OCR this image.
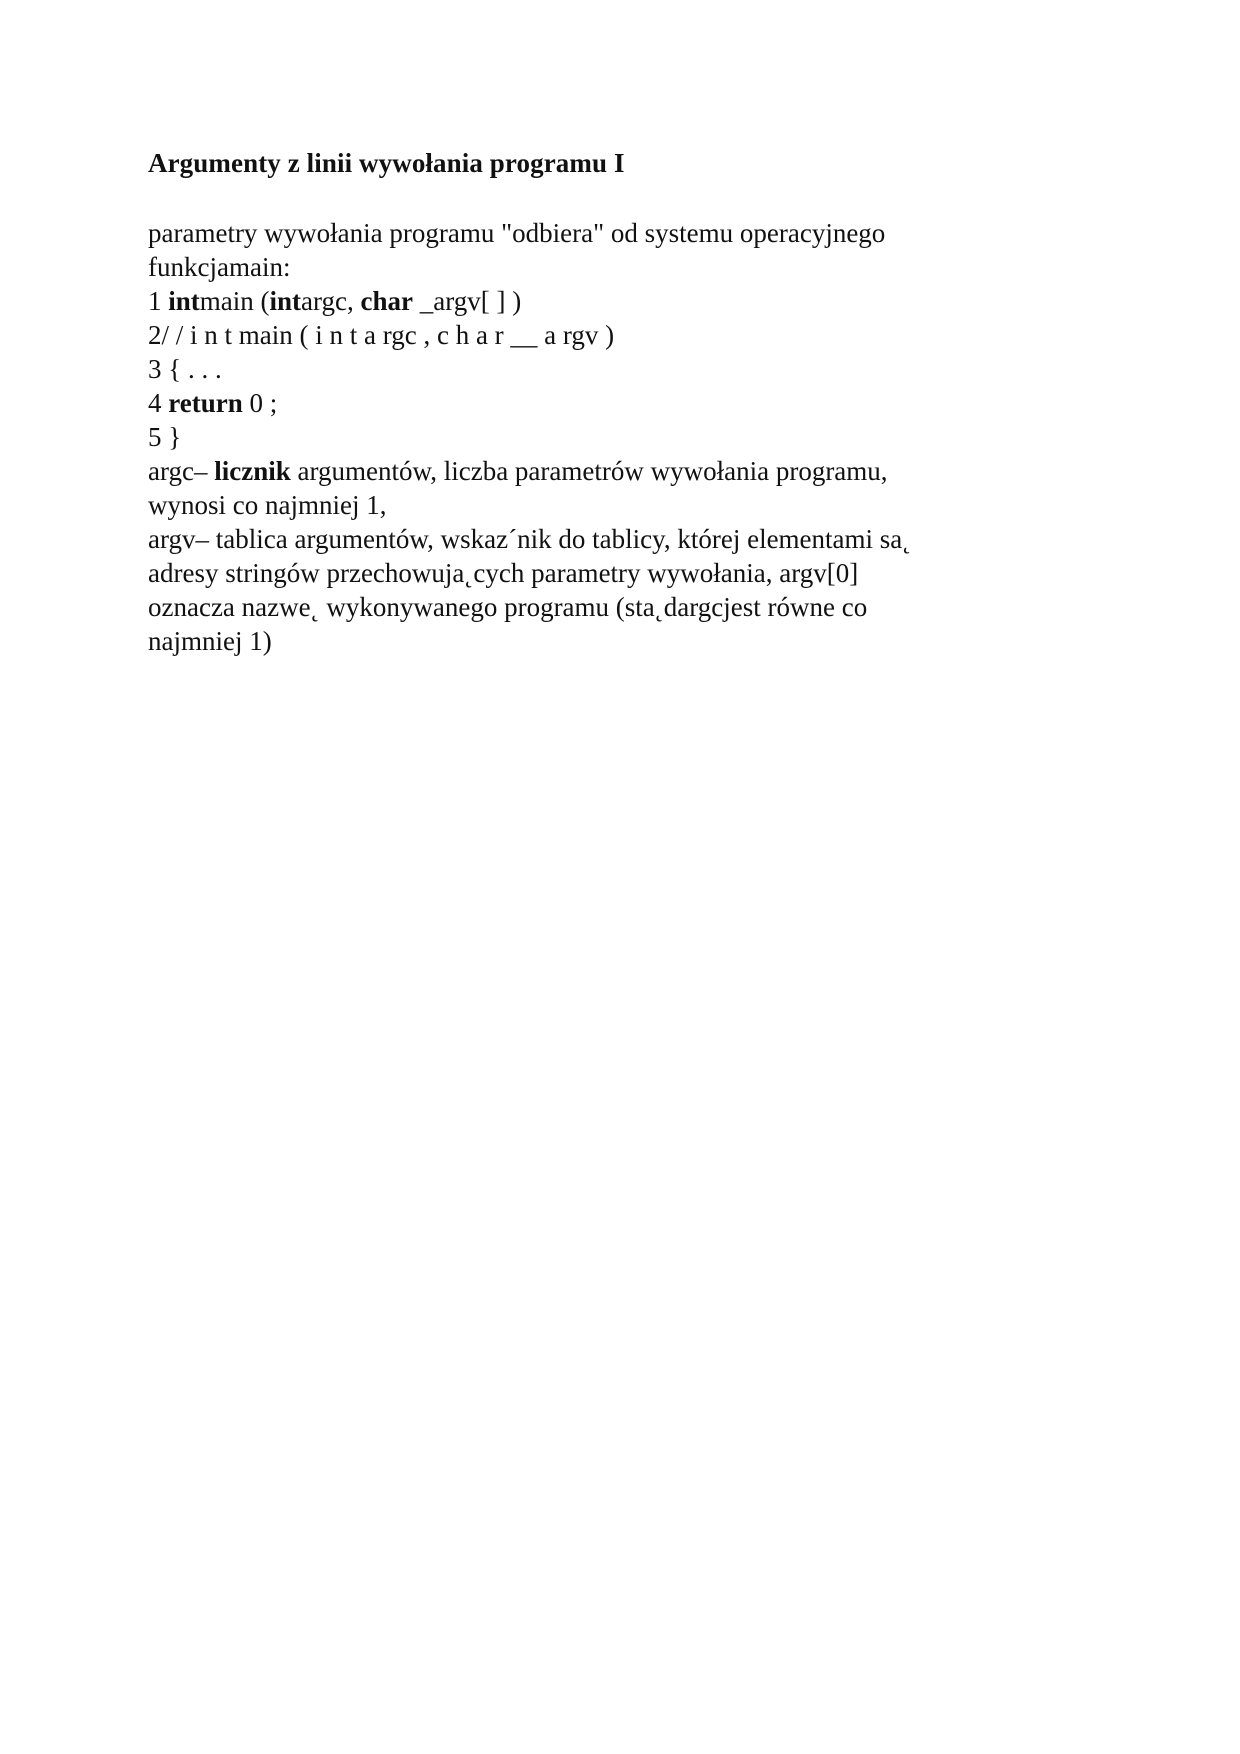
Argumenty z linii wywołania programu I
parametry wywołania programu "odbiera" od systemu operacyjnego
funkcjamain:
1 intmain (intargc, char _argv[ ] )
2/ / i n t main ( i n t a rgc , c h a r __ a rgv )
3 { . . .
4 return 0 ;
5 }
argc– licznik argumentów, liczba parametrów wywołania programu,
wynosi co najmniej 1,
argv– tablica argumentów, wskaz´nik do tablicy, której elementami sa˛
adresy stringów przechowuja˛cych parametry wywołania, argv[0]
oznacza nazwe˛ wykonywanego programu (sta˛dargcjest równe co
najmniej 1)
